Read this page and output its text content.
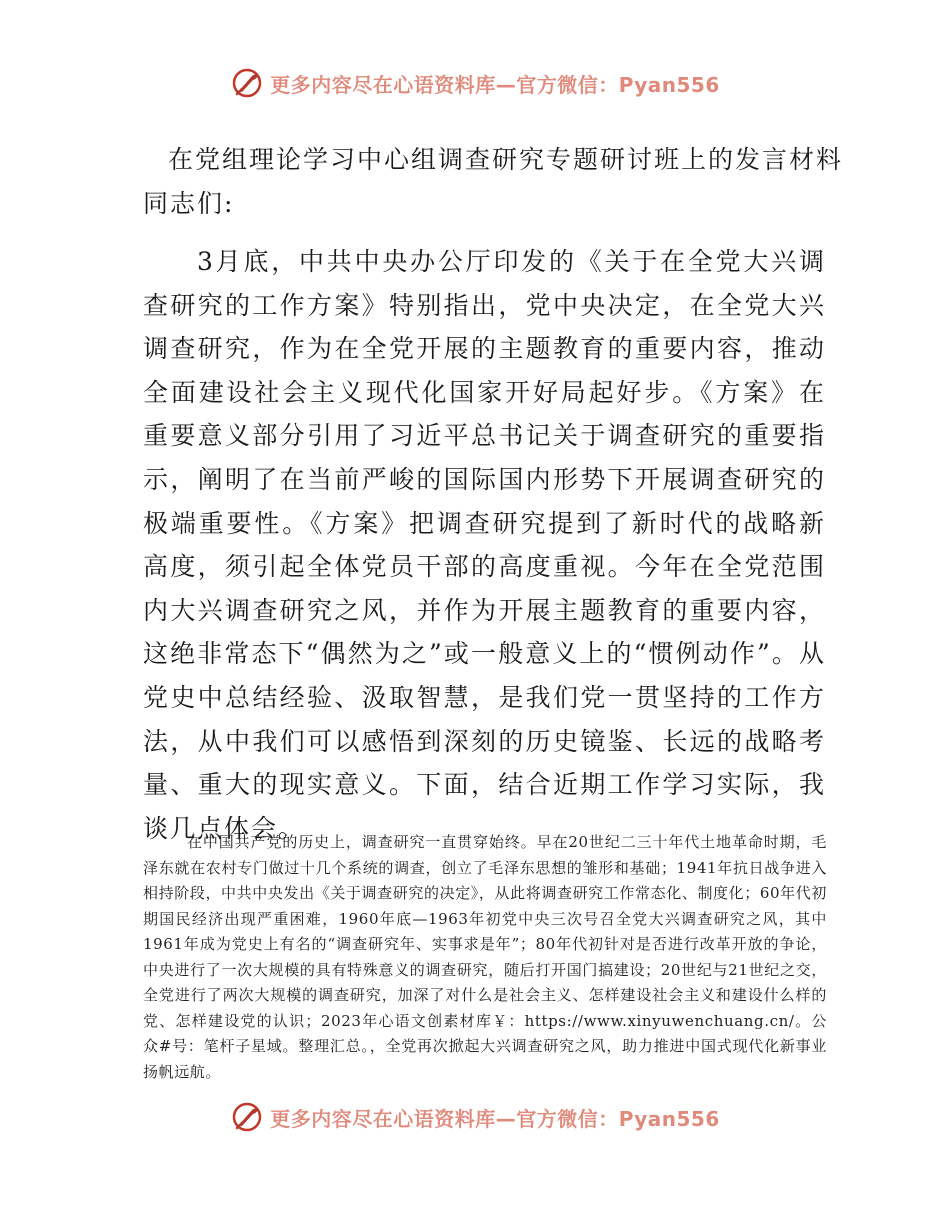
更多内容尽在心语资料库—官方微信：Pyan556
在党组理论学习中心组调查研究专题研讨班上的发言材料
同志们:

3月底，中共中央办公厅印发的《关于在全党大兴调查研究的工作方案》特别指出，党中央决定，在全党大兴调查研究，作为在全党开展的主题教育的重要内容，推动全面建设社会主义现代化国家开好局起好步。《方案》在重要意义部分引用了习近平总书记关于调查研究的重要指示，阐明了在当前严峻的国际国内形势下开展调查研究的极端重要性。《方案》把调查研究提到了新时代的战略新高度，须引起全体党员干部的高度重视。今年在全党范围内大兴调查研究之风，并作为开展主题教育的重要内容，这绝非常态下“偶然为之”或一般意义上的“惯例动作”。从党史中总结经验、汲取智慧，是我们党一贯坚持的工作方法，从中我们可以感悟到深刻的历史镜鉴、长远的战略考量、重大的现实意义。下面，结合近期工作学习实际，我谈几点体会。

在中国共产党的历史上，调查研究一直贯穿始终。早在20世纪二三十年代土地革命时期，毛泽东就在农村专门做过十几个系统的调查，创立了毛泽东思想的雏形和基础；1941年抗日战争进入相持阶段，中共中央发出《关于调查研究的决定》，从此将调查研究工作常态化、制度化；60年代初期国民经济出现严重困难，1960年底—1963年初党中央三次号召全党大兴调查研究之风，其中1961年成为党史上有名的“调查研究年、实事求是年”；80年代初针对是否进行改革开放的争论，中央进行了一次大规模的具有特殊意义的调查研究，随后打开国门搞建设；20世纪与21世纪之交，全党进行了两次大规模的调查研究，加深了对什么是社会主义、怎样建设社会主义和建设什么样的党、怎样建设党的认识；2023年心语文创素材库￥：https://www.xinyuwenchuang.cn/。公众#号：笔杆子星域。整理汇总。，全党再次掀起大兴调查研究之风，助力推进中国式现代化新事业扬帆远航。

更多内容尽在心语资料库—官方微信：Pyan556
